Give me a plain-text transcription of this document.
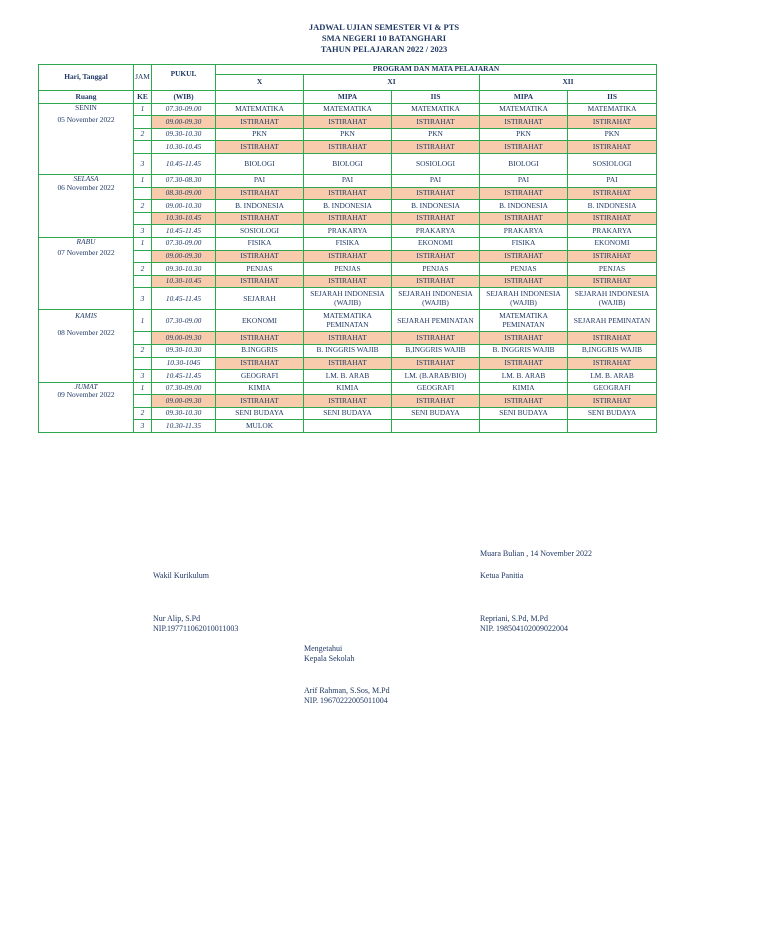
JADWAL UJIAN SEMESTER VI & PTS
SMA NEGERI 10 BATANGHARI
TAHUN PELAJARAN 2022 / 2023
Hari, Tanggal	JAM	PUKUL	PROGRAM DAN MATA PELAJARAN				
			X	XI		XII	

Ruang	KE	(WIB)		MIPA	IIS	MIPA	IIS

SENIN
05 November 2022	1	07.30-09.00	MATEMATIKA	MATEMATIKA	MATEMATIKA	MATEMATIKA	MATEMATIKA
		09.00-09.30	ISTIRAHAT	ISTIRAHAT	ISTIRAHAT	ISTIRAHAT	ISTIRAHAT
	2	09.30-10.30	PKN	PKN	PKN	PKN	PKN
		10.30-10.45	ISTIRAHAT	ISTIRAHAT	ISTIRAHAT	ISTIRAHAT	ISTIRAHAT
	3	10.45-11.45	BIOLOGI	BIOLOGI	SOSIOLOGI	BIOLOGI	SOSIOLOGI

SELASA
06 November 2022	1	07.30-08.30	PAI	PAI	PAI	PAI	PAI
		08.30-09.00	ISTIRAHAT	ISTIRAHAT	ISTIRAHAT	ISTIRAHAT	ISTIRAHAT
	2	09.00-10.30	B. INDONESIA	B. INDONESIA	B. INDONESIA	B. INDONESIA	B. INDONESIA
		10.30-10.45	ISTIRAHAT	ISTIRAHAT	ISTIRAHAT	ISTIRAHAT	ISTIRAHAT
	3	10.45-11.45	SOSIOLOGI	PRAKARYA	PRAKARYA	PRAKARYA	PRAKARYA

RABU
07 November 2022	1	07.30-09.00	FISIKA	FISIKA	EKONOMI	FISIKA	EKONOMI
		09.00-09.30	ISTIRAHAT	ISTIRAHAT	ISTIRAHAT	ISTIRAHAT	ISTIRAHAT
	2	09.30-10.30	PENJAS	PENJAS	PENJAS	PENJAS	PENJAS
		10.30-10.45	ISTIRAHAT	ISTIRAHAT	ISTIRAHAT	ISTIRAHAT	ISTIRAHAT
	3	10.45-11.45	SEJARAH	SEJARAH INDONESIA (WAJIB)	SEJARAH INDONESIA (WAJIB)	SEJARAH INDONESIA (WAJIB)	SEJARAH INDONESIA (WAJIB)

KAMIS
08 November 2022	1	07.30-09.00	EKONOMI	MATEMATIKA PEMINATAN	SEJARAH PEMINATAN	MATEMATIKA PEMINATAN	SEJARAH PEMINATAN
		09.00-09.30	ISTIRAHAT	ISTIRAHAT	ISTIRAHAT	ISTIRAHAT	ISTIRAHAT
	2	09.30-10.30	B.INGGRIS	B. INGGRIS WAJIB	B,INGGRIS WAJIB	B. INGGRIS WAJIB	B,INGGRIS WAJIB
		10.30-1045	ISTIRAHAT	ISTIRAHAT	ISTIRAHAT	ISTIRAHAT	ISTIRAHAT
	3	10.45-11.45	GEOGRAFI	LM. B. ARAB	LM. (B.ARAB/BIO)	LM. B. ARAB	LM. B. ARAB

JUMAT
09 November 2022	1	07.30-09.00	KIMIA	KIMIA	GEOGRAFI	KIMIA	GEOGRAFI
		09.00-09.30	ISTIRAHAT	ISTIRAHAT	ISTIRAHAT	ISTIRAHAT	ISTIRAHAT
	2	09.30-10.30	SENI BUDAYA	SENI BUDAYA	SENI BUDAYA	SENI BUDAYA	SENI BUDAYA
	3	10.30-11.35	MULOK				
Muara Bulian , 14 November 2022
Wakil Kurikulum	Ketua Panitia
Nur Alip, S.Pd
NIP.197711062010011003
Repriani, S.Pd, M.Pd
NIP. 198504102009022004
Mengetahui
Kepala Sekolah
Arif Rahman, S.Sos, M.Pd
NIP. 19670222005011004
